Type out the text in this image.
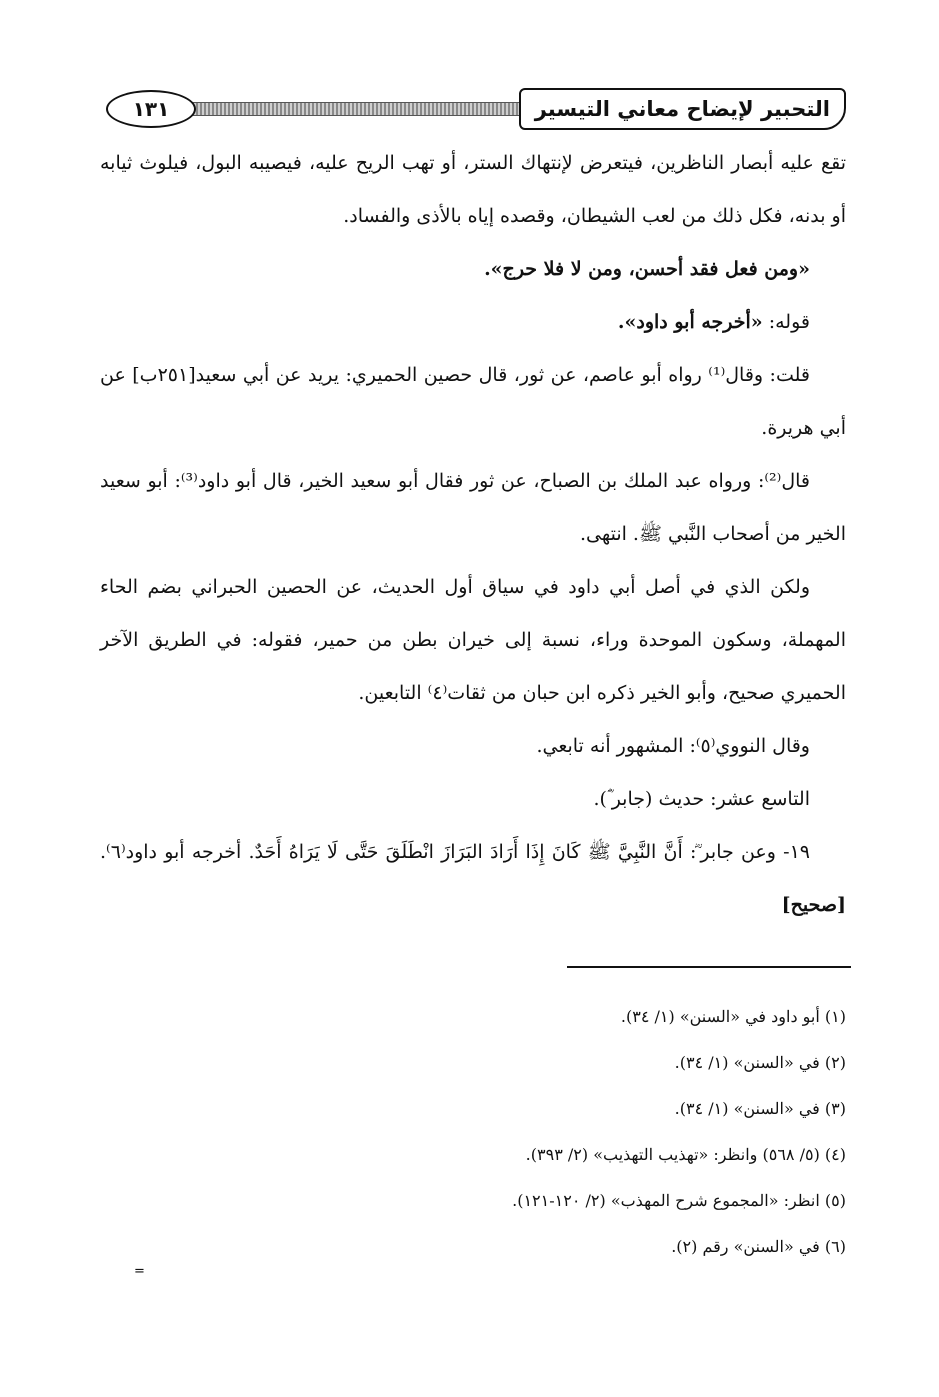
التحبير لإيضاح معاني التيسير
١٣١

تقع عليه أبصار الناظرين، فيتعرض لإنتهاك الستر، أو تهب الريح عليه، فيصيبه البول، فيلوث ثيابه أو بدنه، فكل ذلك من لعب الشيطان، وقصده إياه بالأذى والفساد.

«ومن فعل فقد أحسن، ومن لا فلا حرج».

قوله: «أخرجه أبو داود».

قلت: وقال⁽¹⁾ رواه أبو عاصم، عن ثور، قال حصين الحميري: يريد عن أبي سعيد[٢٥١ب] عن أبي هريرة.

قال⁽²⁾: ورواه عبد الملك بن الصباح، عن ثور فقال أبو سعيد الخير، قال أبو داود⁽³⁾: أبو سعيد الخير من أصحاب النَّبي ﷺ. انتهى.

ولكن الذي في أصل أبي داود في سياق أول الحديث، عن الحصين الحبراني بضم الحاء المهملة، وسكون الموحدة وراء، نسبة إلى خيران بطن من حمير، فقوله: في الطريق الآخر الحميري صحيح، وأبو الخير ذكره ابن حبان من ثقات⁽٤⁾ التابعين.

وقال النووي⁽٥⁾: المشهور أنه تابعي.

التاسع عشر: حديث (جابر ؓ).

١٩- وعن جابر ؓ: أَنَّ النَّبِيَّ ﷺ كَانَ إِذَا أَرَادَ البَرَازَ انْطَلَقَ حَتَّى لَا يَرَاهُ أَحَدٌ. أخرجه أبو داود⁽٦⁾. [صحيح]

(١) أبو داود في «السنن» (١/ ٣٤).

(٢) في «السنن» (١/ ٣٤).

(٣) في «السنن» (١/ ٣٤).

(٤) (٥/ ٥٦٨) وانظر: «تهذيب التهذيب» (٢/ ٣٩٣).

(٥) انظر: «المجموع شرح المهذب» (٢/ ١٢٠-١٢١).

(٦) في «السنن» رقم (٢).

=
